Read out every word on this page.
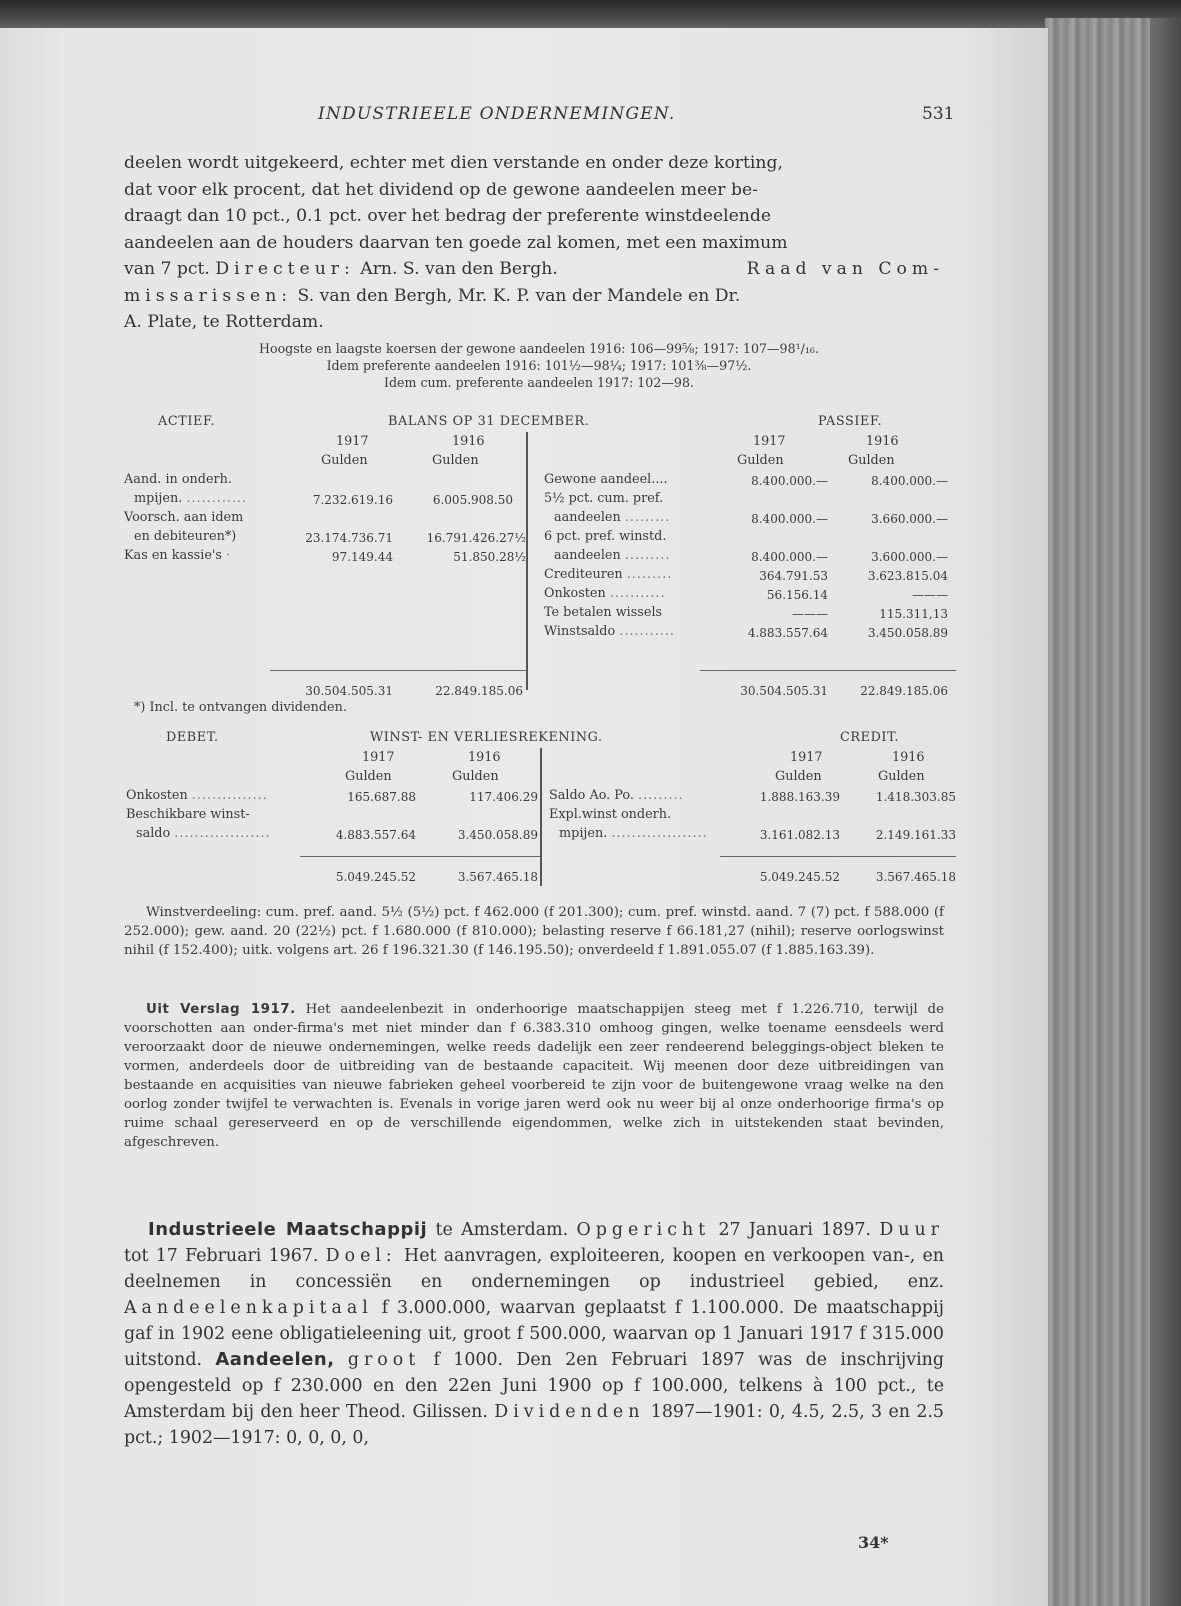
INDUSTRIEELE ONDERNEMINGEN.	531

deelen wordt uitgekeerd, echter met dien verstande en onder deze korting,

dat voor elk procent, dat het dividend op de gewone aandeelen meer be-

draagt dan 10 pct., 0.1 pct. over het bedrag der preferente winstdeelende

aandeelen aan de houders daarvan ten goede zal komen, met een maximum

van 7 pct. Directeur: Arn. S. van den Bergh.	Raad van Com-

missarissen: S. van den Bergh, Mr. K. P. van der Mandele en Dr.

A. Plate, te Rotterdam.

Hoogste en laagste koersen der gewone aandeelen 1916: 106—99⅝; 1917: 107—98¹/₁₆.
Idem preferente aandeelen 1916: 101½—98¼; 1917: 101⅜—97½.
Idem cum. preferente aandeelen 1917: 102—98.
ACTIEF.	BALANS OP 31 DECEMBER.	PASSIEF.
1917	1916
Gulden	Gulden
1917	1916
Gulden	Gulden
Aand. in onderh.
mpijen. ............	7.232.619.16	6.005.908.50
Voorsch. aan idem
en debiteuren*)	23.174.736.71	16.791.426.27½
Kas en kassie's ·	97.149.44	51.850.28½
Gewone aandeel....	8.400.000.—	8.400.000.—
5½ pct. cum. pref.
aandeelen .........	8.400.000.—	3.660.000.—
6 pct. pref. winstd.
aandeelen .........	8.400.000.—	3.600.000.—
Crediteuren .........	364.791.53	3.623.815.04
Onkosten ...........	56.156.14	———
Te betalen wissels	———	115.311,13
Winstsaldo ...........	4.883.557.64	3.450.058.89
30.504.505.31	22.849.185.06	30.504.505.31	22.849.185.06
*) Incl. te ontvangen dividenden.
DEBET.	WINST- EN VERLIESREKENING.	CREDIT.
1917	1916
Gulden	Gulden
1917	1916
Gulden	Gulden
Onkosten ...............	165.687.88	117.406.29
Beschikbare winst-
saldo ...................	4.883.557.64	3.450.058.89
Saldo Ao. Po. .........	1.888.163.39	1.418.303.85
Expl.winst onderh.
mpijen. ...................	3.161.082.13	2.149.161.33
5.049.245.52	3.567.465.18	5.049.245.52	3.567.465.18

Winstverdeeling: cum. pref. aand. 5½ (5½) pct. f 462.000 (f 201.300); cum. pref. winstd. aand. 7 (7) pct. f 588.000 (f 252.000); gew. aand. 20 (22½) pct. f 1.680.000 (f 810.000); belasting reserve f 66.181,27 (nihil); reserve oorlogswinst nihil (f 152.400); uitk. volgens art. 26 f 196.321.30 (f 146.195.50); onverdeeld f 1.891.055.07 (f 1.885.163.39).

Uit Verslag 1917. Het aandeelenbezit in onderhoorige maatschappijen steeg met f 1.226.710, terwijl de voorschotten aan onder-firma's met niet minder dan f 6.383.310 omhoog gingen, welke toename eensdeels werd veroorzaakt door de nieuwe ondernemingen, welke reeds dadelijk een zeer rendeerend beleggings-object bleken te vormen, anderdeels door de uitbreiding van de bestaande capaciteit. Wij meenen door deze uitbreidingen van bestaande en acquisities van nieuwe fabrieken geheel voorbereid te zijn voor de buitengewone vraag welke na den oorlog zonder twijfel te verwachten is. Evenals in vorige jaren werd ook nu weer bij al onze onderhoorige firma's op ruime schaal gereserveerd en op de verschillende eigendommen, welke zich in uitstekenden staat bevinden, afgeschreven.

Industrieele Maatschappij te Amsterdam. Opgericht 27 Januari 1897. Duur tot 17 Februari 1967. Doel: Het aanvragen, exploiteeren, koopen en verkoopen van-, en deelnemen in concessiën en ondernemingen op industrieel gebied, enz. Aandeelenkapitaal f 3.000.000, waarvan geplaatst f 1.100.000. De maatschappij gaf in 1902 eene obligatieleening uit, groot f 500.000, waarvan op 1 Januari 1917 f 315.000 uitstond. Aandeelen, groot f 1000. Den 2en Februari 1897 was de inschrijving opengesteld op f 230.000 en den 22en Juni 1900 op f 100.000, telkens à 100 pct., te Amsterdam bij den heer Theod. Gilissen. Dividenden 1897—1901: 0, 4.5, 2.5, 3 en 2.5 pct.; 1902—1917: 0, 0, 0, 0,

34*
